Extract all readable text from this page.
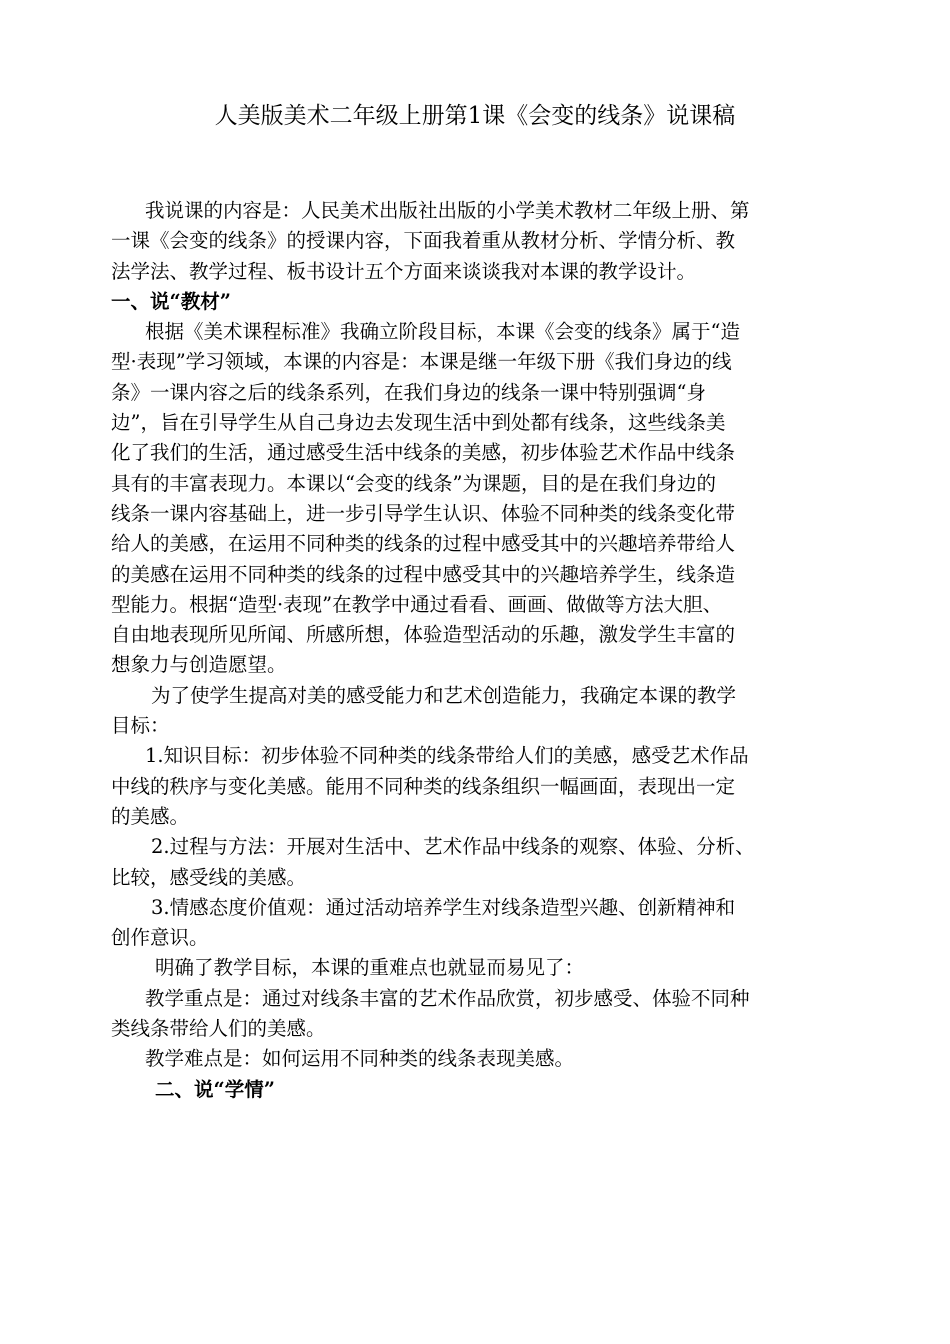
人美版美术二年级上册第1课《会变的线条》说课稿
我说课的内容是：人民美术出版社出版的小学美术教材二年级上册、第
一课《会变的线条》的授课内容，下面我着重从教材分析、学情分析、教
法学法、教学过程、板书设计五个方面来谈谈我对本课的教学设计。
一、说“教材”
根据《美术课程标准》我确立阶段目标，本课《会变的线条》属于“造
型·表现”学习领域，本课的内容是：本课是继一年级下册《我们身边的线
条》一课内容之后的线条系列，在我们身边的线条一课中特别强调“身
边”，旨在引导学生从自己身边去发现生活中到处都有线条，这些线条美
化了我们的生活，通过感受生活中线条的美感，初步体验艺术作品中线条
具有的丰富表现力。本课以“会变的线条”为课题，目的是在我们身边的
线条一课内容基础上，进一步引导学生认识、体验不同种类的线条变化带
给人的美感，在运用不同种类的线条的过程中感受其中的兴趣培养带给人
的美感在运用不同种类的线条的过程中感受其中的兴趣培养学生，线条造
型能力。根据“造型·表现”在教学中通过看看、画画、做做等方法大胆、
自由地表现所见所闻、所感所想，体验造型活动的乐趣，激发学生丰富的
想象力与创造愿望。
为了使学生提高对美的感受能力和艺术创造能力，我确定本课的教学
目标：
1.知识目标：初步体验不同种类的线条带给人们的美感，感受艺术作品
中线的秩序与变化美感。能用不同种类的线条组织一幅画面，表现出一定
的美感。
2.过程与方法：开展对生活中、艺术作品中线条的观察、体验、分析、
比较，感受线的美感。
3.情感态度价值观：通过活动培养学生对线条造型兴趣、创新精神和
创作意识。
明确了教学目标，本课的重难点也就显而易见了：
教学重点是：通过对线条丰富的艺术作品欣赏，初步感受、体验不同种
类线条带给人们的美感。
教学难点是：如何运用不同种类的线条表现美感。
二、说“学情”
